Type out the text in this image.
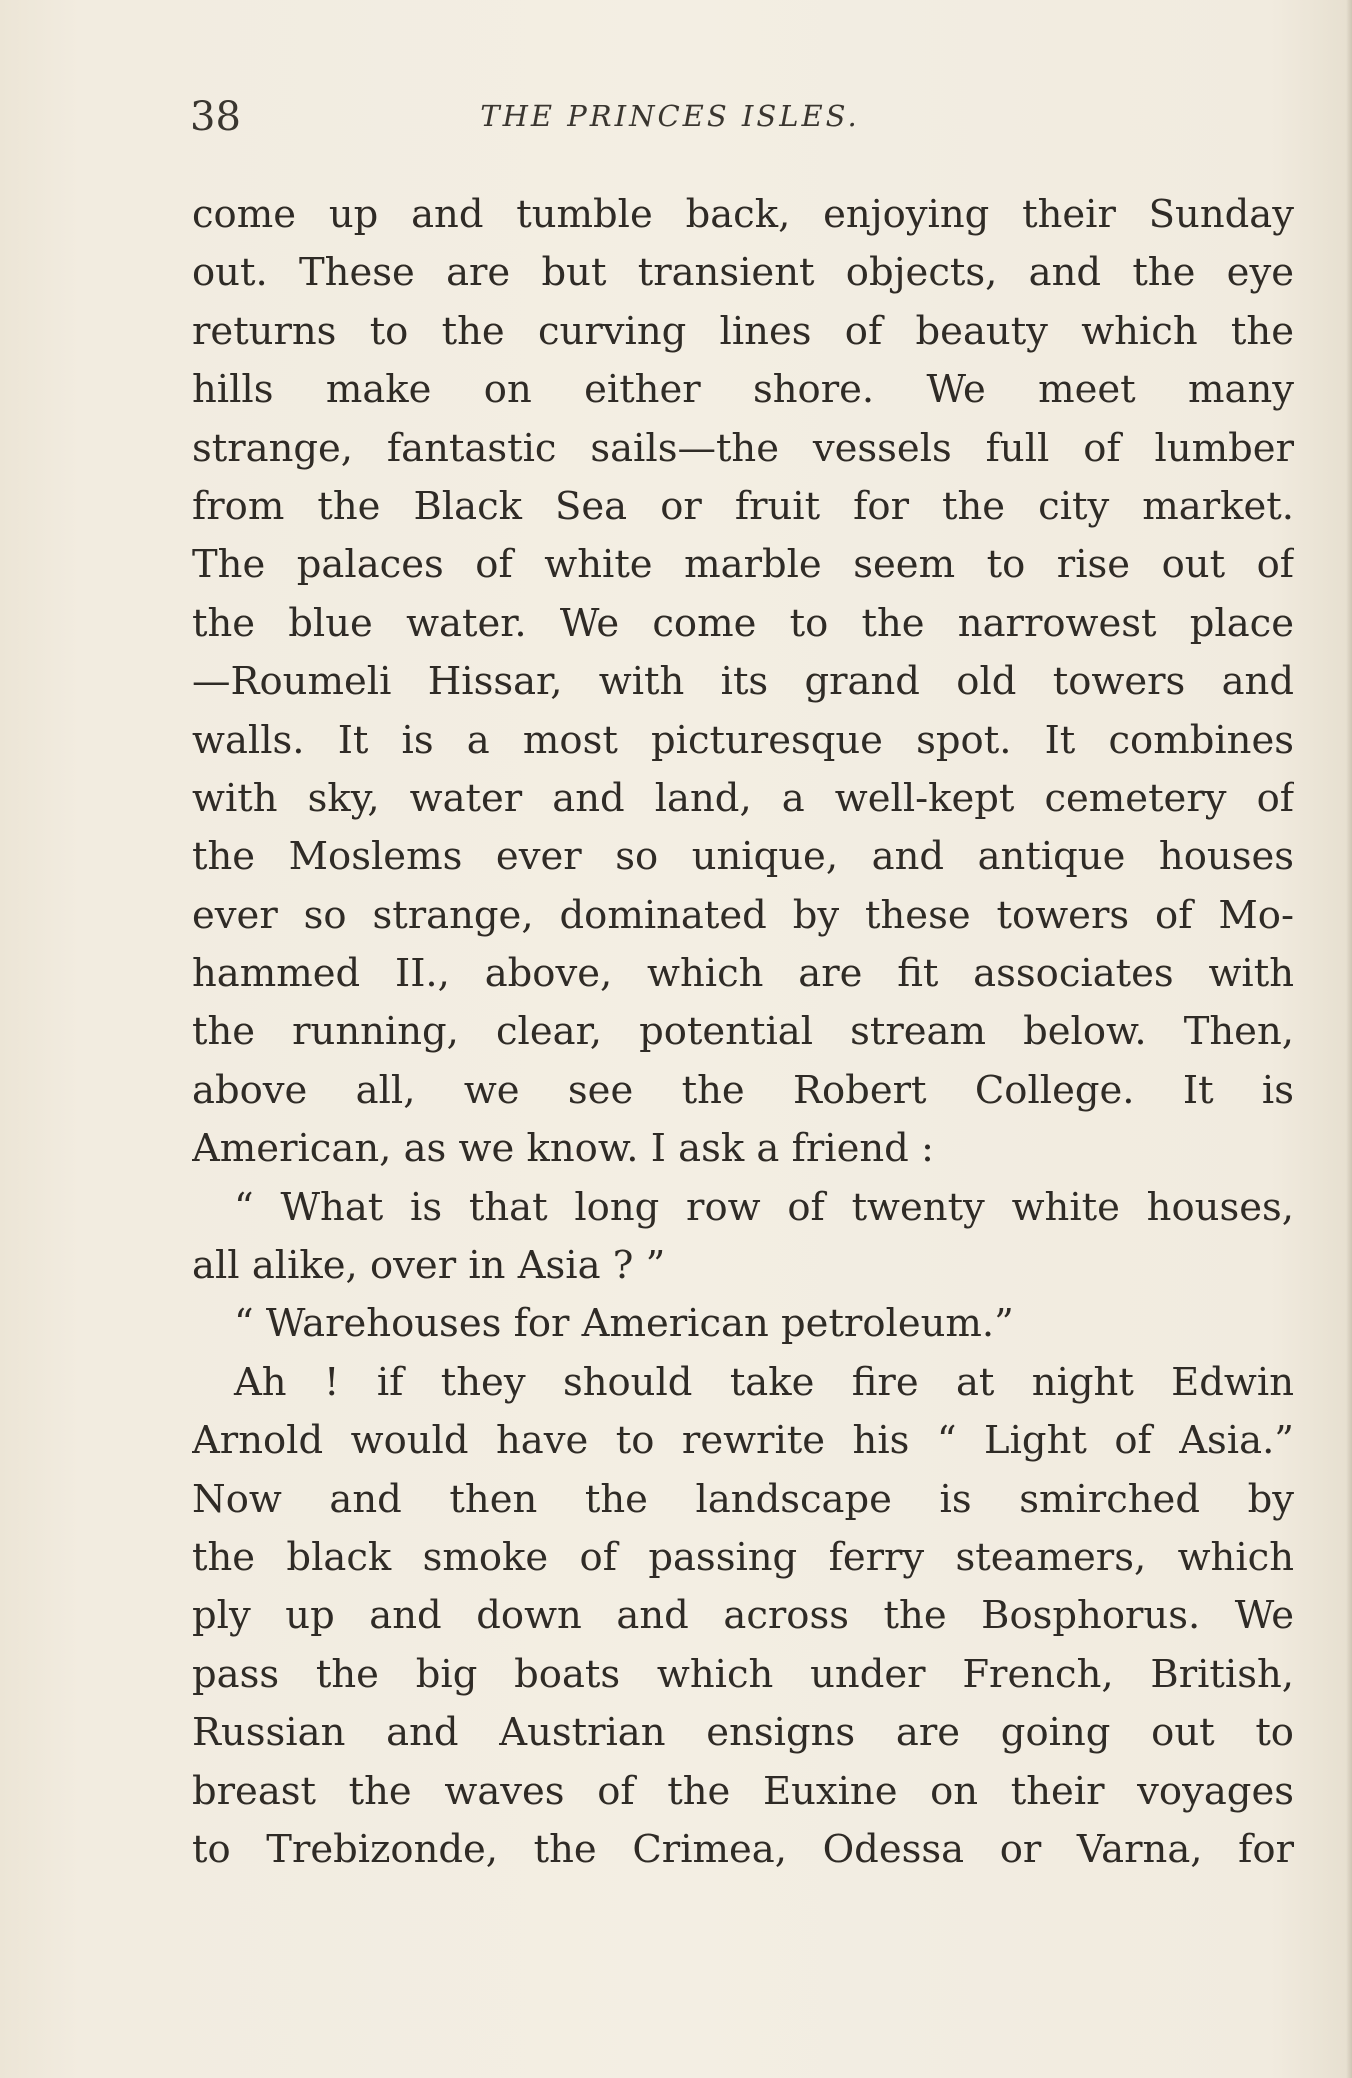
38	THE PRINCES ISLES.
come up and tumble back, enjoying their Sunday
out. These are but transient objects, and the eye
returns to the curving lines of beauty which the
hills make on either shore. We meet many
strange, fantastic sails—the vessels full of lumber
from the Black Sea or fruit for the city market.
The palaces of white marble seem to rise out of
the blue water. We come to the narrowest place
—Roumeli Hissar, with its grand old towers and
walls. It is a most picturesque spot. It combines
with sky, water and land, a well-kept cemetery of
the Moslems ever so unique, and antique houses
ever so strange, dominated by these towers of Mo-
hammed II., above, which are fit associates with
the running, clear, potential stream below. Then,
above all, we see the Robert College. It is
American, as we know. I ask a friend :
“ What is that long row of twenty white houses,
all alike, over in Asia ? ”
“ Warehouses for American petroleum.”
Ah ! if they should take fire at night Edwin
Arnold would have to rewrite his “ Light of Asia.”
Now and then the landscape is smirched by
the black smoke of passing ferry steamers, which
ply up and down and across the Bosphorus. We
pass the big boats which under French, British,
Russian and Austrian ensigns are going out to
breast the waves of the Euxine on their voyages
to Trebizonde, the Crimea, Odessa or Varna, for
